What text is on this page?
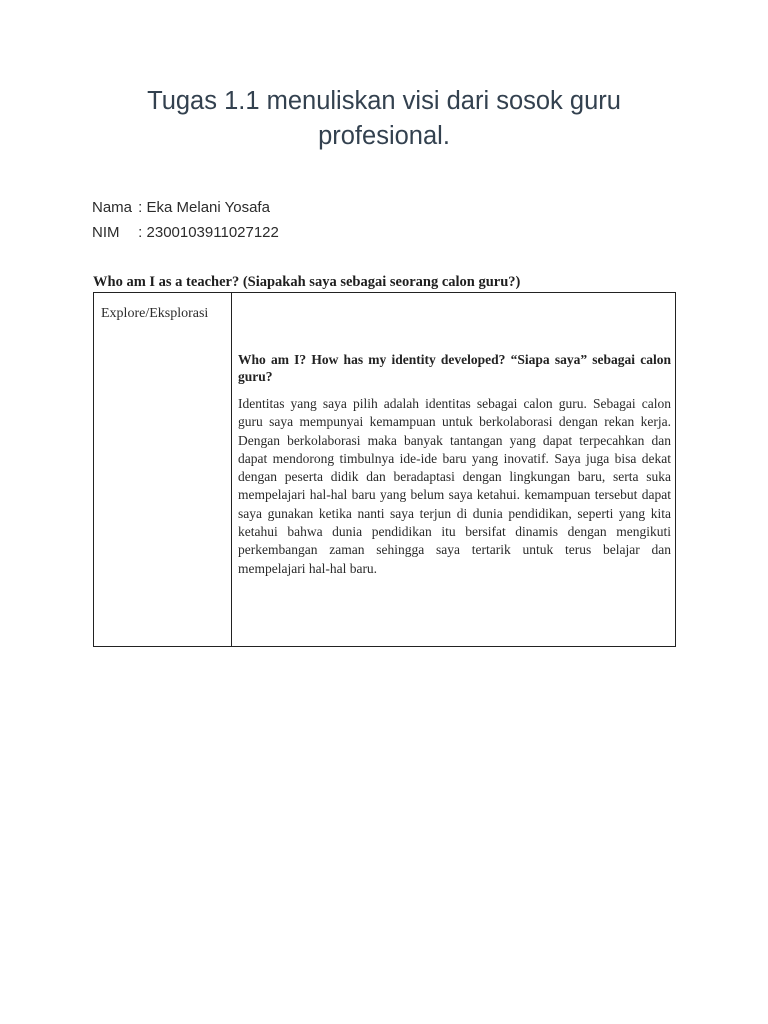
Tugas 1.1 menuliskan visi dari sosok guru profesional.
Nama : Eka Melani Yosafa
NIM : 2300103911027122
Who am I as a teacher? (Siapakah saya sebagai seorang calon guru?)
Explore/Eksplorasi

Who am I? How has my identity developed? “Siapa saya” sebagai calon guru?

Identitas yang saya pilih adalah identitas sebagai calon guru. Sebagai calon guru saya mempunyai kemampuan untuk berkolaborasi dengan rekan kerja. Dengan berkolaborasi maka banyak tantangan yang dapat terpecahkan dan dapat mendorong timbulnya ide-ide baru yang inovatif. Saya juga bisa dekat dengan peserta didik dan beradaptasi dengan lingkungan baru, serta suka mempelajari hal-hal baru yang belum saya ketahui. kemampuan tersebut dapat saya gunakan ketika nanti saya terjun di dunia pendidikan, seperti yang kita ketahui bahwa dunia pendidikan itu bersifat dinamis dengan mengikuti perkembangan zaman sehingga saya tertarik untuk terus belajar dan mempelajari hal-hal baru.
